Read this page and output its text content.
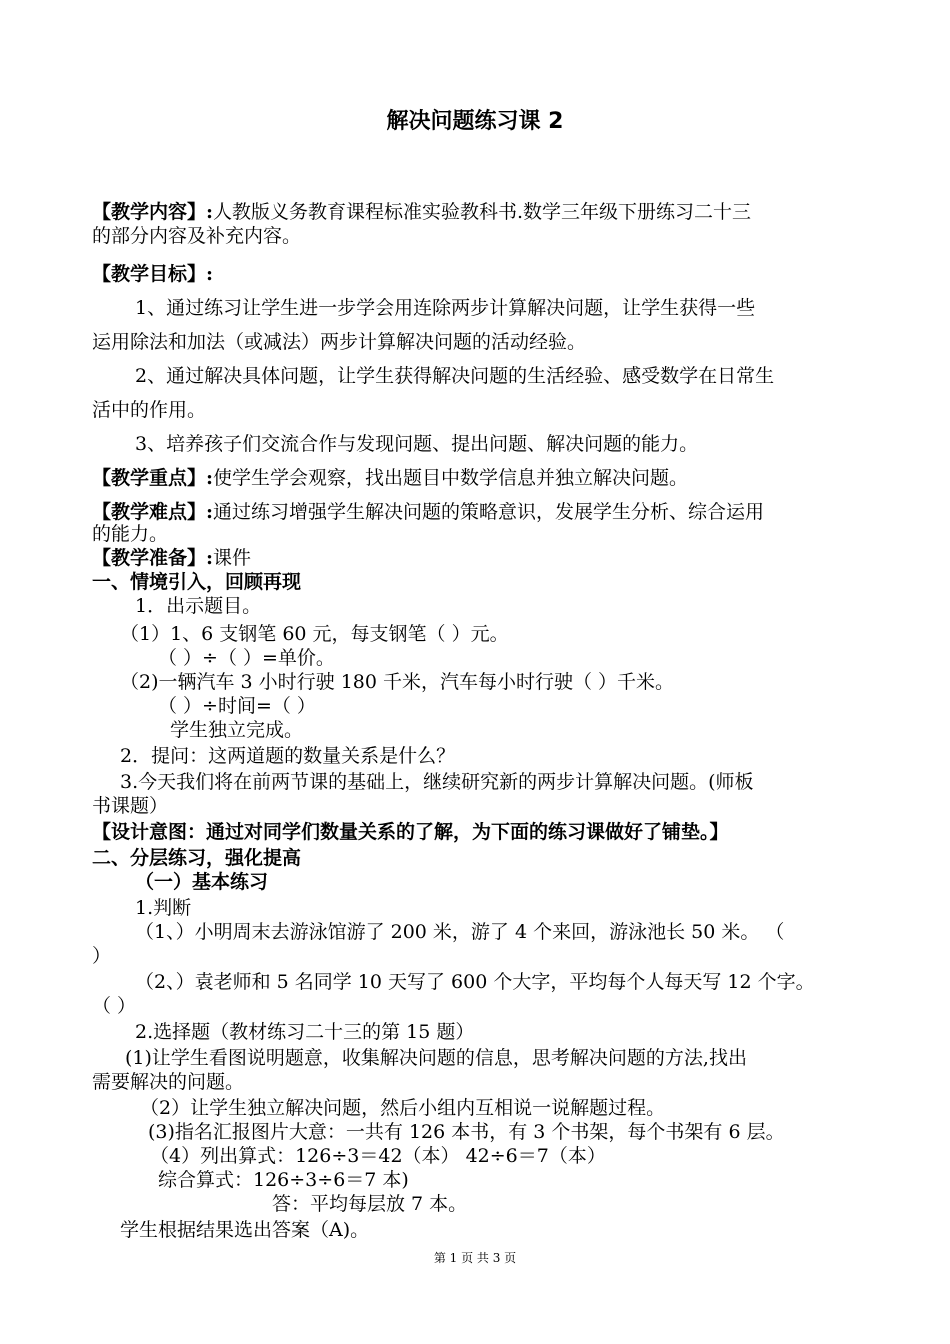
解决问题练习课 2
【教学内容】:人教版义务教育课程标准实验教科书.数学三年级下册练习二十三
的部分内容及补充内容。
【教学目标】:
1、通过练习让学生进一步学会用连除两步计算解决问题，让学生获得一些
运用除法和加法（或减法）两步计算解决问题的活动经验。
2、通过解决具体问题，让学生获得解决问题的生活经验、感受数学在日常生
活中的作用。
3、培养孩子们交流合作与发现问题、提出问题、解决问题的能力。
【教学重点】:使学生学会观察，找出题目中数学信息并独立解决问题。
【教学难点】:通过练习增强学生解决问题的策略意识，发展学生分析、综合运用
的能力。
【教学准备】:课件
一、情境引入，回顾再现
1．出示题目。
（1）1、6 支钢笔 60 元，每支钢笔（ ）元。
（ ）÷（ ）=单价。
（2)一辆汽车 3 小时行驶 180 千米，汽车每小时行驶（ ）千米。
（ ）÷时间=（ ）
学生独立完成。
2．提问：这两道题的数量关系是什么？
3.今天我们将在前两节课的基础上，继续研究新的两步计算解决问题。(师板
书课题）
【设计意图：通过对同学们数量关系的了解，为下面的练习课做好了铺垫。】
二、分层练习，强化提高
（一）基本练习
1.判断
（1、）小明周末去游泳馆游了 200 米，游了 4 个来回，游泳池长 50 米。 （
）
（2、）袁老师和 5 名同学 10 天写了 600 个大字，平均每个人每天写 12 个字。
（ ）
2.选择题（教材练习二十三的第 15 题）
(1)让学生看图说明题意，收集解决问题的信息，思考解决问题的方法,找出
需要解决的问题。
（2）让学生独立解决问题，然后小组内互相说一说解题过程。
(3)指名汇报图片大意：一共有 126 本书，有 3 个书架，每个书架有 6 层。
（4）列出算式：126÷3＝42（本） 42÷6＝7（本）
综合算式：126÷3÷6＝7 本)
答：平均每层放 7 本。
学生根据结果选出答案（A)。
第 1 页 共 3 页
